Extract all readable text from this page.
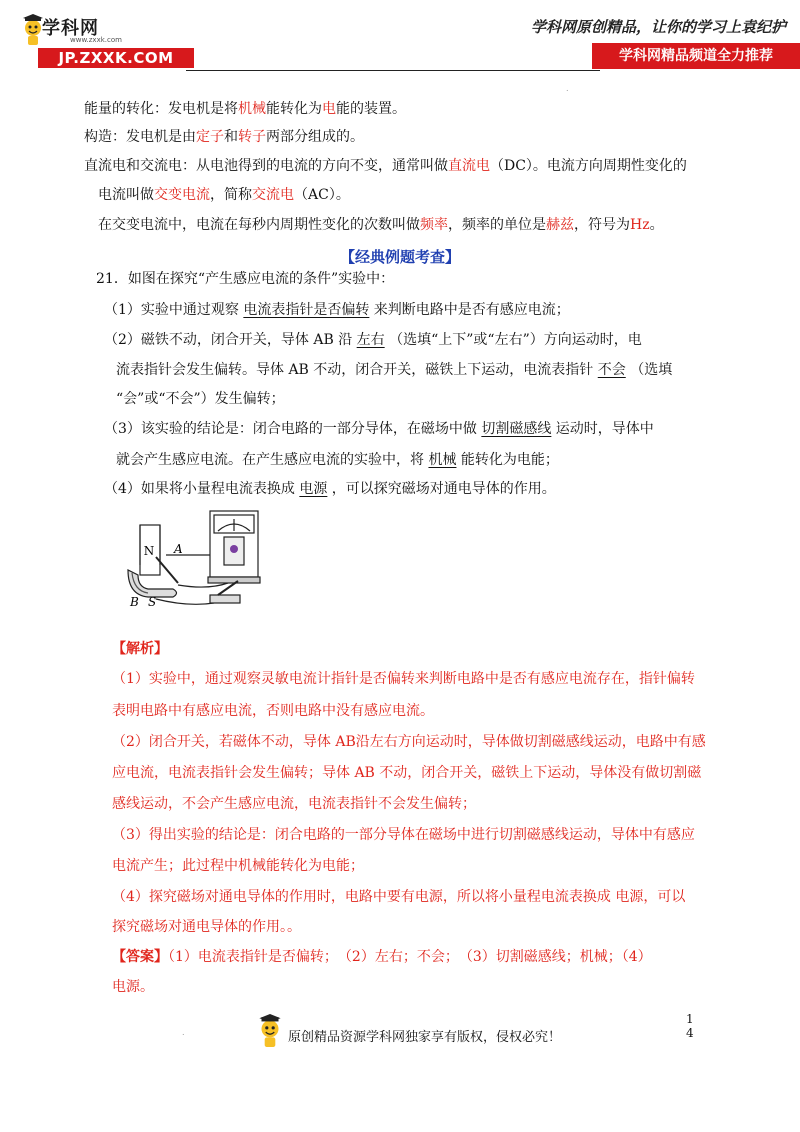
学科网
www.zxxk.com
JP.ZXXK.COM
学科网原创精品，让你的学习上袁纪护
学科网精品频道全力推荐
.
能量的转化：发电机是将机械能转化为电能的装置。
构造：发电机是由定子和转子两部分组成的。
直流电和交流电：从电池得到的电流的方向不变，通常叫做直流电（DC）。电流方向周期性变化的
电流叫做交变电流，简称交流电（AC）。
在交变电流中，电流在每秒内周期性变化的次数叫做频率，频率的单位是赫兹，符号为Hz。
【经典例题考查】
21．如图在探究“产生感应电流的条件”实验中：
（1）实验中通过观察 电流表指针是否偏转 来判断电路中是否有感应电流；
（2）磁铁不动，闭合开关，导体 AB 沿 左右 （选填“上下”或“左右”）方向运动时，电
流表指针会发生偏转。导体 AB 不动，闭合开关，磁铁上下运动，电流表指针 不会 （选填
“会”或“不会”）发生偏转；
（3）该实验的结论是：闭合电路的一部分导体，在磁场中做 切割磁感线 运动时，导体中
就会产生感应电流。在产生感应电流的实验中，将 机械 能转化为电能；
（4）如果将小量程电流表换成 电源 ，可以探究磁场对通电导体的作用。
N A
B S
【解析】
（1）实验中，通过观察灵敏电流计指针是否偏转来判断电路中是否有感应电流存在，指针偏转
表明电路中有感应电流，否则电路中没有感应电流。
（2）闭合开关，若磁体不动，导体 AB沿左右方向运动时，导体做切割磁感线运动，电路中有感
应电流，电流表指针会发生偏转；导体 AB 不动，闭合开关，磁铁上下运动，导体没有做切割磁
感线运动，不会产生感应电流，电流表指针不会发生偏转；
（3）得出实验的结论是：闭合电路的一部分导体在磁场中进行切割磁感线运动，导体中有感应
电流产生；此过程中机械能转化为电能；
（4）探究磁场对通电导体的作用时，电路中要有电源，所以将小量程电流表换成 电源，可以
探究磁场对通电导体的作用。。
【答案】（1）电流表指针是否偏转；　（2）左右；不会；　（3）切割磁感线；机械；（4）
电源。
.	原创精品资源学科网独家享有版权，侵权必究！
1
4
